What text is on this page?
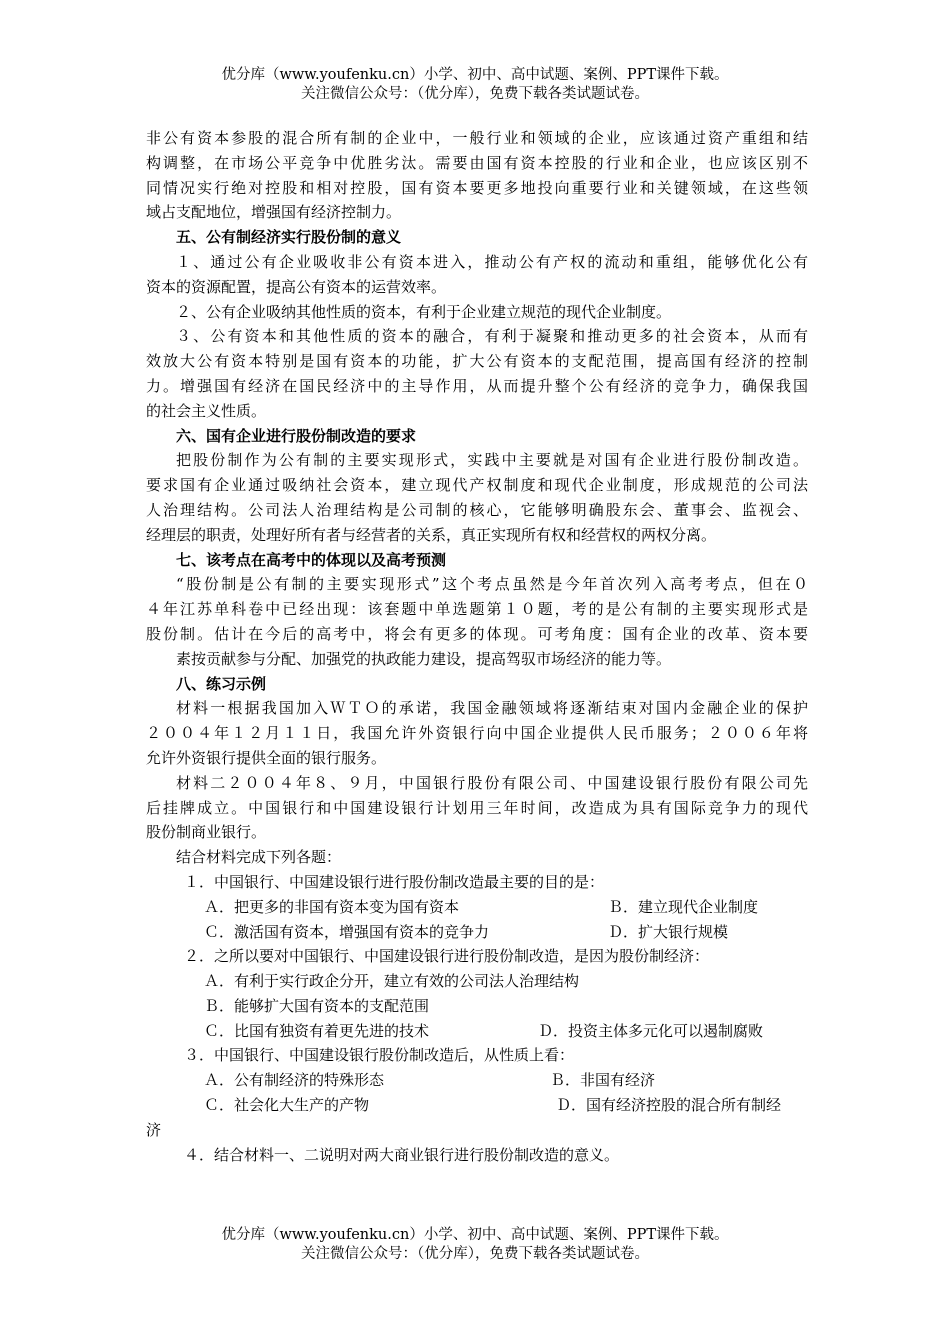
优分库（www.youfenku.cn）小学、初中、高中试题、案例、PPT课件下载。
关注微信公众号：（优分库），免费下载各类试题试卷。
非公有资本参股的混合所有制的企业中，一般行业和领域的企业，应该通过资产重组和结
构调整，在市场公平竞争中优胜劣汰。需要由国有资本控股的行业和企业，也应该区别不
同情况实行绝对控股和相对控股，国有资本要更多地投向重要行业和关键领域，在这些领
域占支配地位，增强国有经济控制力。
五、公有制经济实行股份制的意义
１、通过公有企业吸收非公有资本进入，推动公有产权的流动和重组，能够优化公有
资本的资源配置，提高公有资本的运营效率。
２、公有企业吸纳其他性质的资本，有利于企业建立规范的现代企业制度。
３、公有资本和其他性质的资本的融合，有利于凝聚和推动更多的社会资本，从而有
效放大公有资本特别是国有资本的功能，扩大公有资本的支配范围，提高国有经济的控制
力。增强国有经济在国民经济中的主导作用，从而提升整个公有经济的竞争力，确保我国
的社会主义性质。
六、国有企业进行股份制改造的要求
把股份制作为公有制的主要实现形式，实践中主要就是对国有企业进行股份制改造。
要求国有企业通过吸纳社会资本，建立现代产权制度和现代企业制度，形成规范的公司法
人治理结构。公司法人治理结构是公司制的核心，它能够明确股东会、董事会、监视会、
经理层的职责，处理好所有者与经营者的关系，真正实现所有权和经营权的两权分离。
七、该考点在高考中的体现以及高考预测
“股份制是公有制的主要实现形式”这个考点虽然是今年首次列入高考考点，但在０
４年江苏单科卷中已经出现：该套题中单选题第１０题，考的是公有制的主要实现形式是
股份制。估计在今后的高考中，将会有更多的体现。可考角度：国有企业的改革、资本要
素按贡献参与分配、加强党的执政能力建设，提高驾驭市场经济的能力等。
八、练习示例
材料一根据我国加入ＷＴＯ的承诺，我国金融领域将逐渐结束对国内金融企业的保护
２００４年１２月１１日，我国允许外资银行向中国企业提供人民币服务；２００６年将
允许外资银行提供全面的银行服务。
材料二２００４年８、９月，中国银行股份有限公司、中国建设银行股份有限公司先
后挂牌成立。中国银行和中国建设银行计划用三年时间，改造成为具有国际竞争力的现代
股份制商业银行。
结合材料完成下列各题：
１．中国银行、中国建设银行进行股份制改造最主要的目的是：
Ａ．把更多的非国有资本变为国有资本	Ｂ．建立现代企业制度
Ｃ．激活国有资本，增强国有资本的竞争力	Ｄ．扩大银行规模
２．之所以要对中国银行、中国建设银行进行股份制改造，是因为股份制经济：
Ａ．有利于实行政企分开，建立有效的公司法人治理结构
Ｂ．能够扩大国有资本的支配范围
Ｃ．比国有独资有着更先进的技术	Ｄ．投资主体多元化可以遏制腐败
３．中国银行、中国建设银行股份制改造后，从性质上看：
Ａ．公有制经济的特殊形态	Ｂ．非国有经济
Ｃ．社会化大生产的产物	Ｄ．国有经济控股的混合所有制经
济
４．结合材料一、二说明对两大商业银行进行股份制改造的意义。
优分库（www.youfenku.cn）小学、初中、高中试题、案例、PPT课件下载。
关注微信公众号：（优分库），免费下载各类试题试卷。
